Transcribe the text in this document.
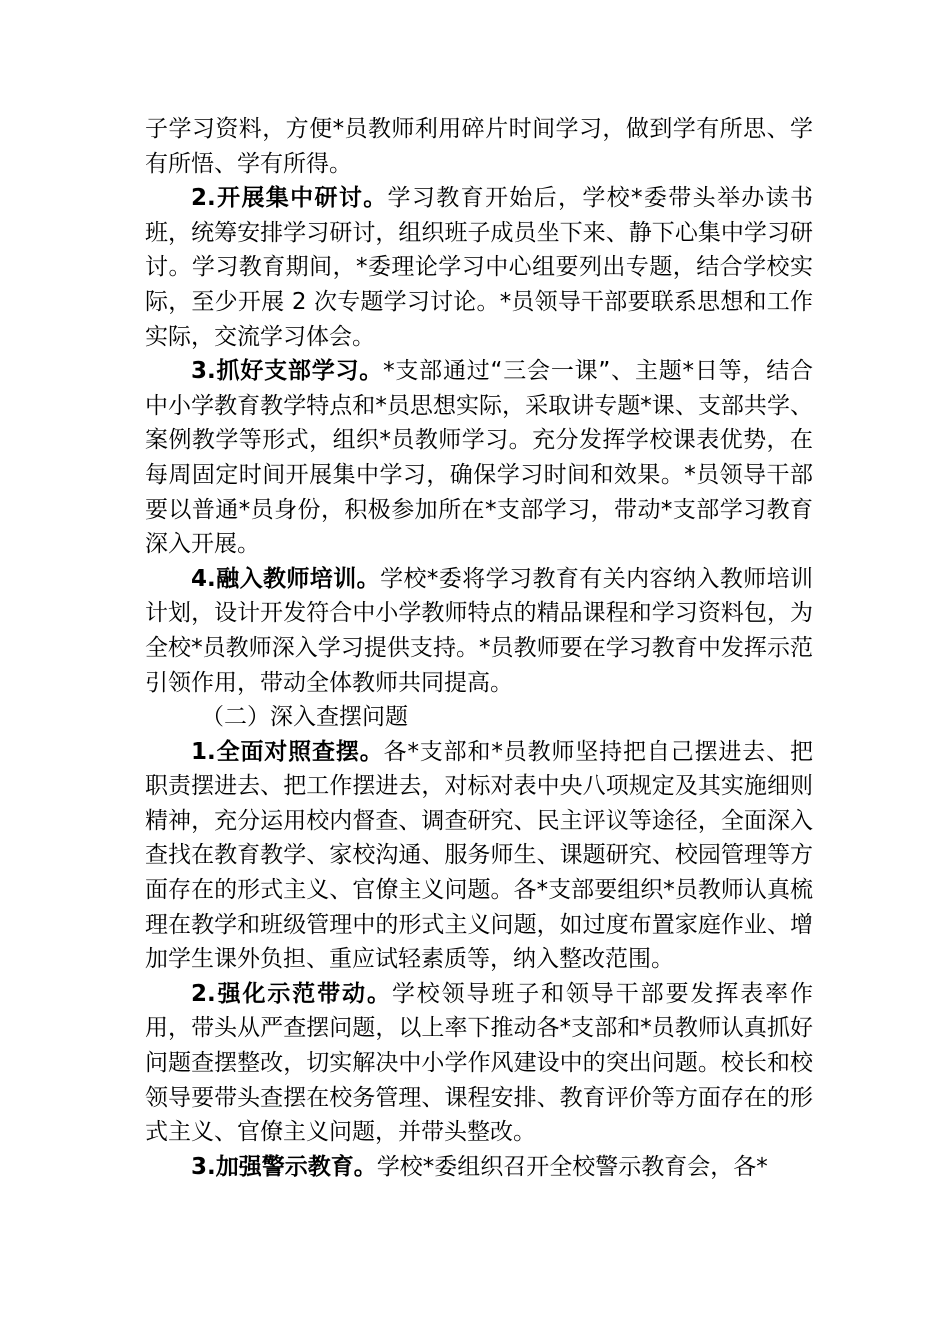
子学习资料，方便*员教师利用碎片时间学习，做到学有所思、学有所悟、学有所得。

2.开展集中研讨。学习教育开始后，学校*委带头举办读书班，统筹安排学习研讨，组织班子成员坐下来、静下心集中学习研讨。学习教育期间，*委理论学习中心组要列出专题，结合学校实际，至少开展 2 次专题学习讨论。*员领导干部要联系思想和工作实际，交流学习体会。

3.抓好支部学习。*支部通过“三会一课”、主题*日等，结合中小学教育教学特点和*员思想实际，采取讲专题*课、支部共学、案例教学等形式，组织*员教师学习。充分发挥学校课表优势，在每周固定时间开展集中学习，确保学习时间和效果。*员领导干部要以普通*员身份，积极参加所在*支部学习，带动*支部学习教育深入开展。

4.融入教师培训。学校*委将学习教育有关内容纳入教师培训计划，设计开发符合中小学教师特点的精品课程和学习资料包，为全校*员教师深入学习提供支持。*员教师要在学习教育中发挥示范引领作用，带动全体教师共同提高。

（二）深入查摆问题

1.全面对照查摆。各*支部和*员教师坚持把自己摆进去、把职责摆进去、把工作摆进去，对标对表中央八项规定及其实施细则精神，充分运用校内督查、调查研究、民主评议等途径，全面深入查找在教育教学、家校沟通、服务师生、课题研究、校园管理等方面存在的形式主义、官僚主义问题。各*支部要组织*员教师认真梳理在教学和班级管理中的形式主义问题，如过度布置家庭作业、增加学生课外负担、重应试轻素质等，纳入整改范围。

2.强化示范带动。学校领导班子和领导干部要发挥表率作用，带头从严查摆问题，以上率下推动各*支部和*员教师认真抓好问题查摆整改，切实解决中小学作风建设中的突出问题。校长和校领导要带头查摆在校务管理、课程安排、教育评价等方面存在的形式主义、官僚主义问题，并带头整改。

3.加强警示教育。学校*委组织召开全校警示教育会，各*
